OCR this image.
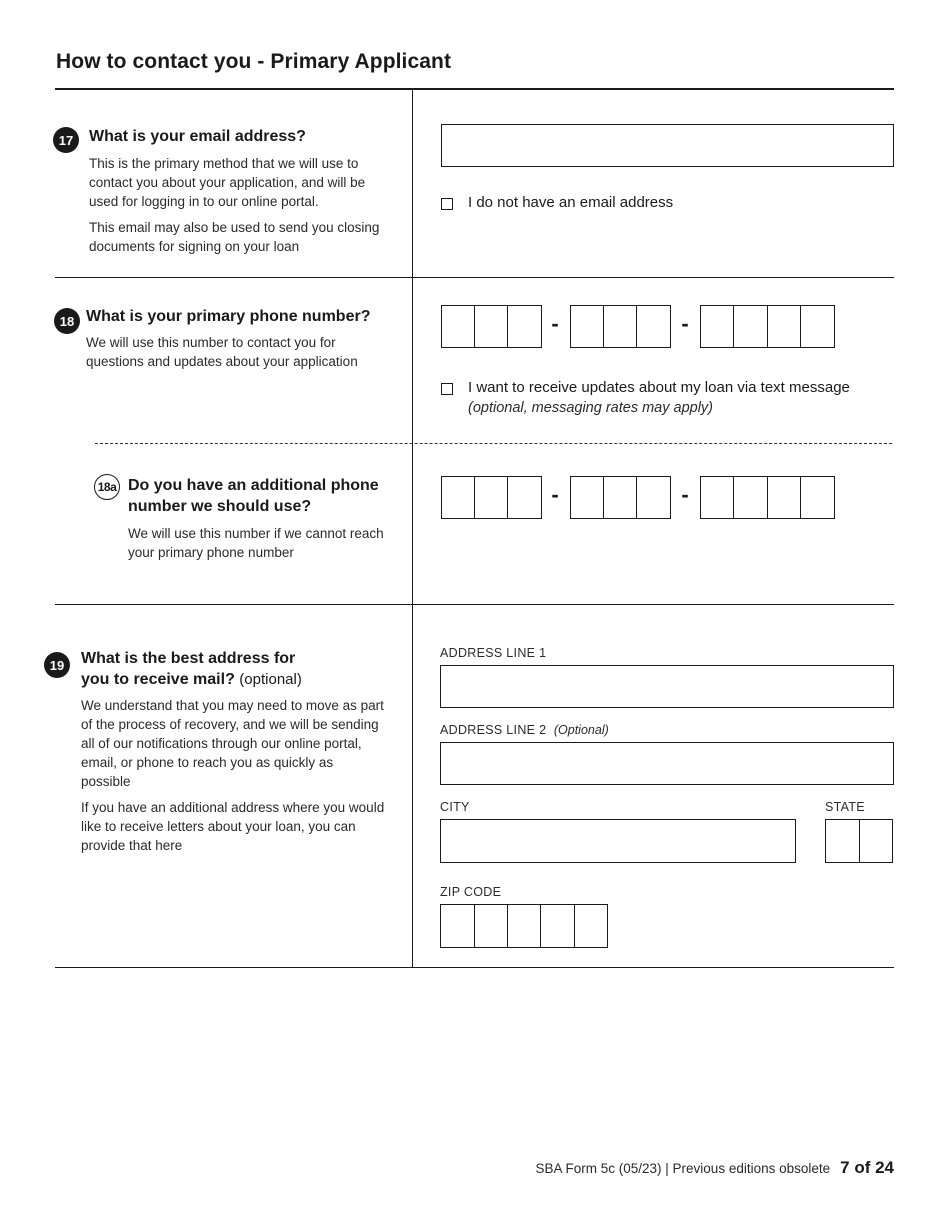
How to contact you - Primary Applicant
17 What is your email address?

This is the primary method that we will use to contact you about your application, and will be used for logging in to our online portal.

This email may also be used to send you closing documents for signing on your loan

I do not have an email address
18 What is your primary phone number?
We will use this number to contact you for questions and updates about your application
-	-
I want to receive updates about my loan via text message
(optional, messaging rates may apply)
18a Do you have an additional phone number we should use?
We will use this number if we cannot reach your primary phone number
-	-
19	What is the best address for you to receive mail? (optional)

We understand that you may need to move as part of the process of recovery, and we will be sending all of our notifications through our online portal, email, or phone to reach you as quickly as possible

If you have an additional address where you would like to receive letters about your loan, you can provide that here

ADDRESS LINE 1
ADDRESS LINE 2 (Optional)
CITY	STATE
ZIP CODE
SBA Form 5c (05/23) | Previous editions obsolete 7 of 24
